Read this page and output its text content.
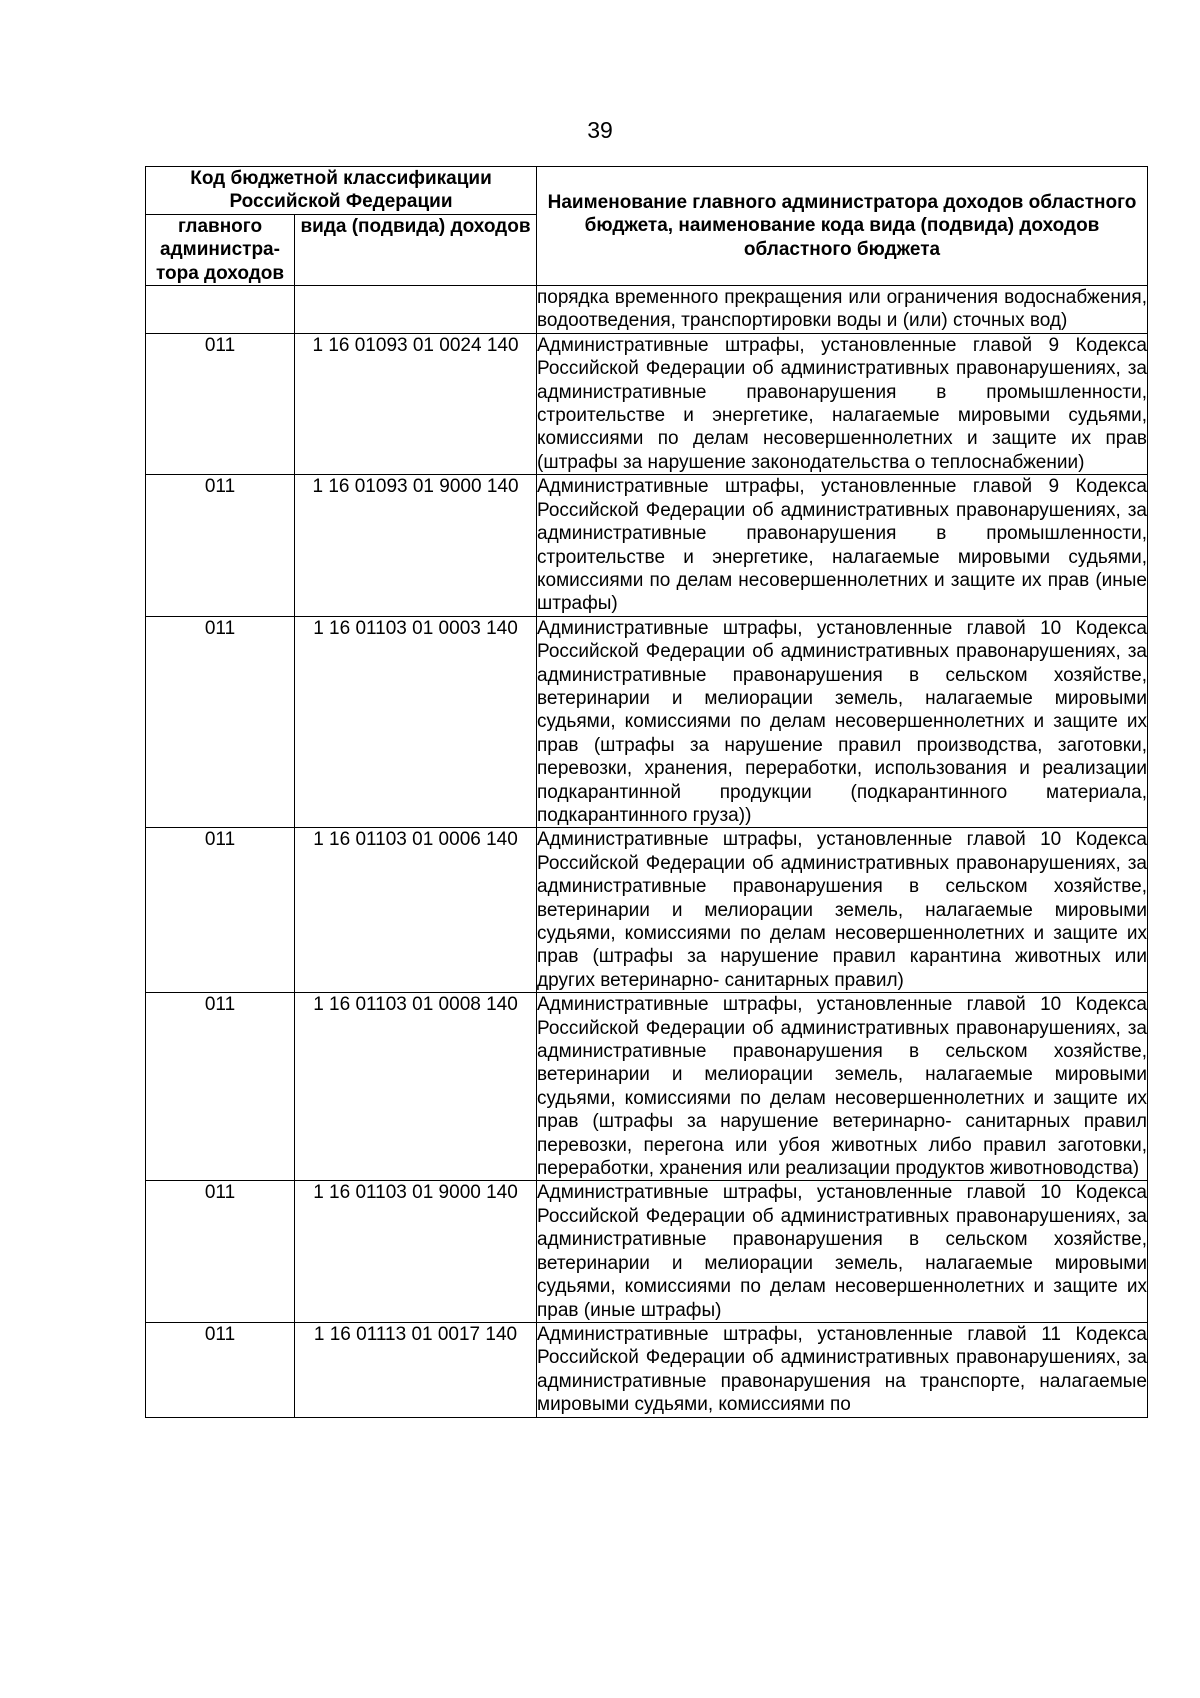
39
Код бюджетной классификации Российской Федерации		Наименование главного администратора доходов областного бюджета, наименование кода вида (подвида) доходов областного бюджета
главного администра-тора доходов	вида (подвида) доходов	
		порядка временного прекращения или ограничения водоснабжения, водоотведения, транспортировки воды и (или) сточных вод)
011	1 16 01093 01 0024 140	Административные штрафы, установленные главой 9 Кодекса Российской Федерации об административных правонарушениях, за административные правонарушения в промышленности, строительстве и энергетике, налагаемые мировыми судьями, комиссиями по делам несовершеннолетних и защите их прав (штрафы за нарушение законодательства о теплоснабжении)
011	1 16 01093 01 9000 140	Административные штрафы, установленные главой 9 Кодекса Российской Федерации об административных правонарушениях, за административные правонарушения в промышленности, строительстве и энергетике, налагаемые мировыми судьями, комиссиями по делам несовершеннолетних и защите их прав (иные штрафы)
011	1 16 01103 01 0003 140	Административные штрафы, установленные главой 10 Кодекса Российской Федерации об административных правонарушениях, за административные правонарушения в сельском хозяйстве, ветеринарии и мелиорации земель, налагаемые мировыми судьями, комиссиями по делам несовершеннолетних и защите их прав (штрафы за нарушение правил производства, заготовки, перевозки, хранения, переработки, использования и реализации подкарантинной продукции (подкарантинного материала, подкарантинного груза))
011	1 16 01103 01 0006 140	Административные штрафы, установленные главой 10 Кодекса Российской Федерации об административных правонарушениях, за административные правонарушения в сельском хозяйстве, ветеринарии и мелиорации земель, налагаемые мировыми судьями, комиссиями по делам несовершеннолетних и защите их прав (штрафы за нарушение правил карантина животных или других ветеринарно- санитарных правил)
011	1 16 01103 01 0008 140	Административные штрафы, установленные главой 10 Кодекса Российской Федерации об административных правонарушениях, за административные правонарушения в сельском хозяйстве, ветеринарии и мелиорации земель, налагаемые мировыми судьями, комиссиями по делам несовершеннолетних и защите их прав (штрафы за нарушение ветеринарно- санитарных правил перевозки, перегона или убоя животных либо правил заготовки, переработки, хранения или реализации продуктов животноводства)
011	1 16 01103 01 9000 140	Административные штрафы, установленные главой 10 Кодекса Российской Федерации об административных правонарушениях, за административные правонарушения в сельском хозяйстве, ветеринарии и мелиорации земель, налагаемые мировыми судьями, комиссиями по делам несовершеннолетних и защите их прав (иные штрафы)
011	1 16 01113 01 0017 140	Административные штрафы, установленные главой 11 Кодекса Российской Федерации об административных правонарушениях, за административные правонарушения на транспорте, налагаемые мировыми судьями, комиссиями по
